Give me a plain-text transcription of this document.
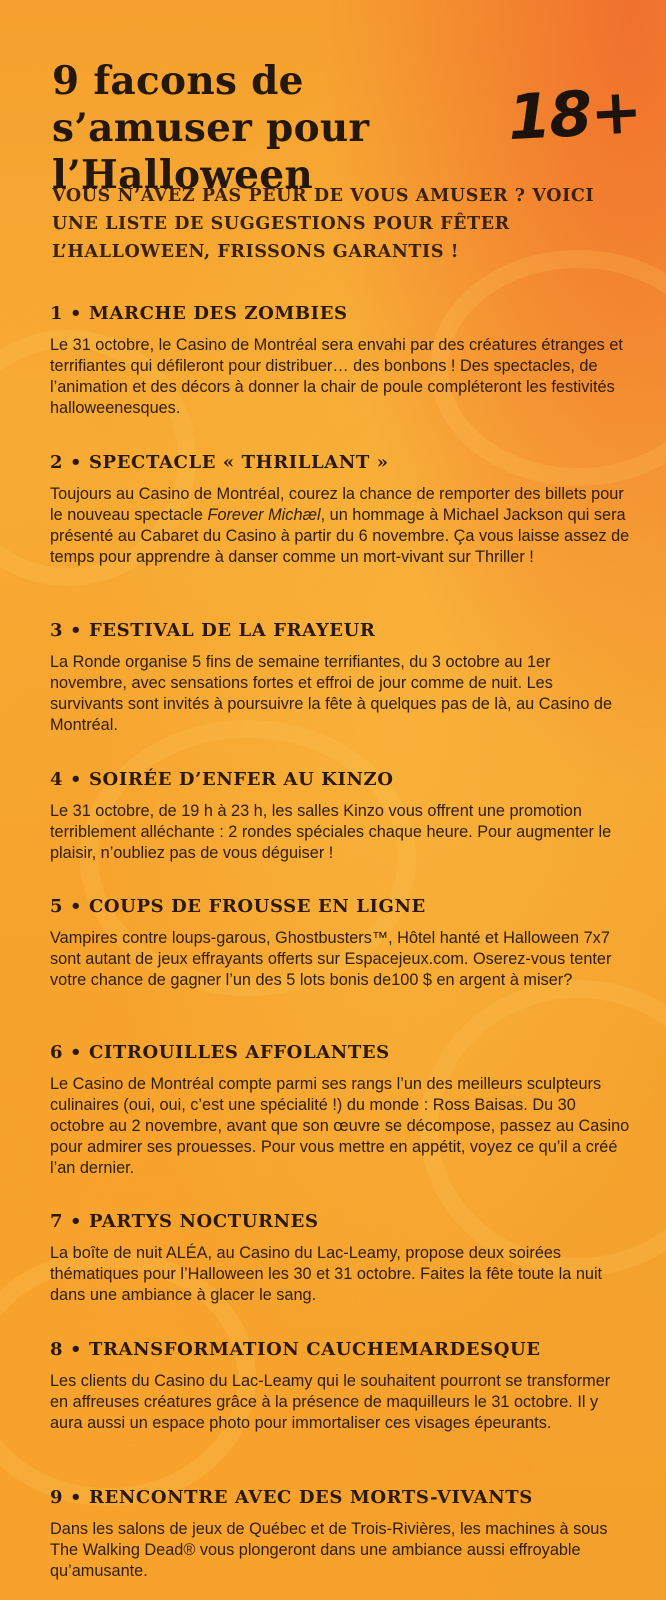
9 facons de s’amuser pour l’Halloween
18+

VOUS N’AVEZ PAS PEUR DE VOUS AMUSER ? VOICI UNE LISTE DE SUGGESTIONS POUR FÊTER L’HALLOWEEN, FRISSONS GARANTIS !

1 • MARCHE DES ZOMBIES

Le 31 octobre, le Casino de Montréal sera envahi par des créatures étranges et terrifiantes qui défileront pour distribuer… des bonbons ! Des spectacles, de l’animation et des décors à donner la chair de poule compléteront les festivités halloweenesques.

2 • SPECTACLE « THRILLANT »

Toujours au Casino de Montréal, courez la chance de remporter des billets pour le nouveau spectacle Forever Michæl, un hommage à Michael Jackson qui sera présenté au Cabaret du Casino à partir du 6 novembre. Ça vous laisse assez de temps pour apprendre à danser comme un mort-vivant sur Thriller !

3 • FESTIVAL DE LA FRAYEUR

La Ronde organise 5 fins de semaine terrifiantes, du 3 octobre au 1er novembre, avec sensations fortes et effroi de jour comme de nuit. Les survivants sont invités à poursuivre la fête à quelques pas de là, au Casino de Montréal.

4 • SOIRÉE D’ENFER AU KINZO

Le 31 octobre, de 19 h à 23 h, les salles Kinzo vous offrent une promotion terriblement alléchante : 2 rondes spéciales chaque heure. Pour augmenter le plaisir, n’oubliez pas de vous déguiser !

5 • COUPS DE FROUSSE EN LIGNE

Vampires contre loups-garous, Ghostbusters™, Hôtel hanté et Halloween 7x7 sont autant de jeux effrayants offerts sur Espacejeux.com. Oserez-vous tenter votre chance de gagner l’un des 5 lots bonis de100 $ en argent à miser?

6 • CITROUILLES AFFOLANTES

Le Casino de Montréal compte parmi ses rangs l’un des meilleurs sculpteurs culinaires (oui, oui, c’est une spécialité !) du monde : Ross Baisas. Du 30 octobre au 2 novembre, avant que son œuvre se décompose, passez au Casino pour admirer ses prouesses. Pour vous mettre en appétit, voyez ce qu’il a créé l’an dernier.

7 • PARTYS NOCTURNES

La boîte de nuit ALÉA, au Casino du Lac-Leamy, propose deux soirées thématiques pour l’Halloween les 30 et 31 octobre. Faites la fête toute la nuit dans une ambiance à glacer le sang.

8 • TRANSFORMATION CAUCHEMARDESQUE

Les clients du Casino du Lac-Leamy qui le souhaitent pourront se transformer en affreuses créatures grâce à la présence de maquilleurs le 31 octobre. Il y aura aussi un espace photo pour immortaliser ces visages épeurants.

9 • RENCONTRE AVEC DES MORTS-VIVANTS

Dans les salons de jeux de Québec et de Trois-Rivières, les machines à sous The Walking Dead® vous plongeront dans une ambiance aussi effroyable qu’amusante.
